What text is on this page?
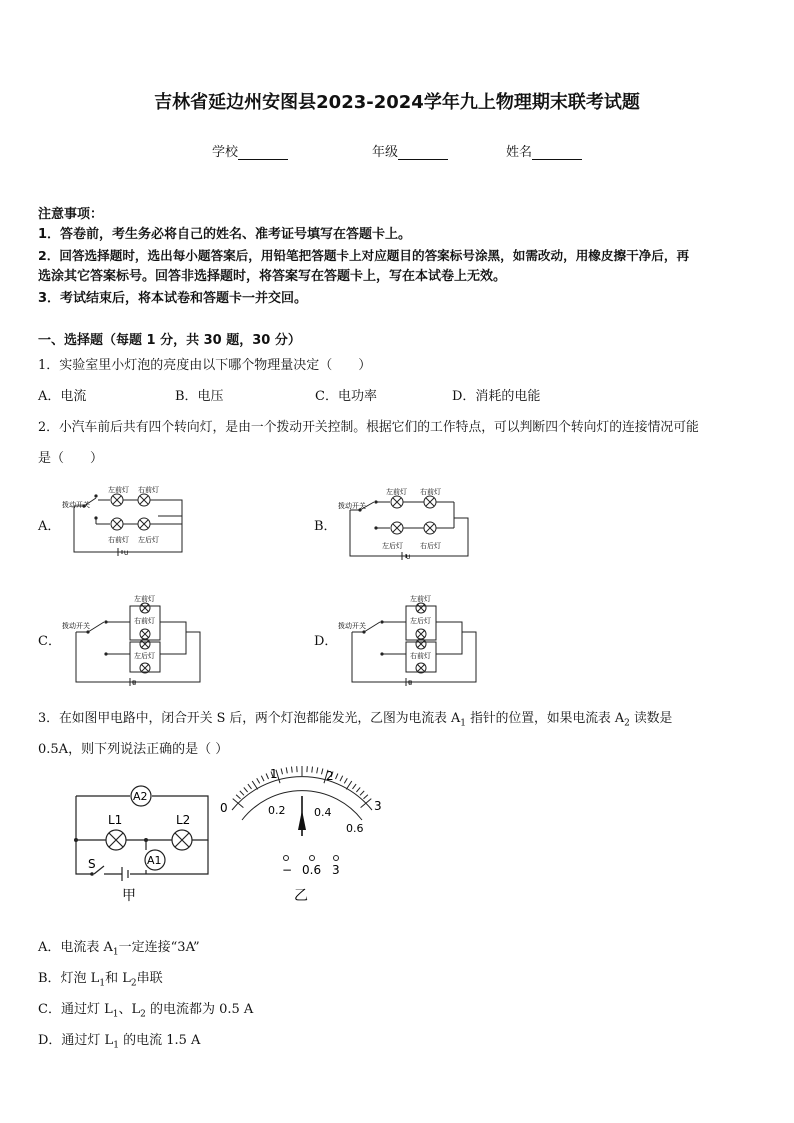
吉林省延边州安图县2023-2024学年九上物理期末联考试题
学校	年级	姓名
注意事项：
1．答卷前，考生务必将自己的姓名、准考证号填写在答题卡上。
2．回答选择题时，选出每小题答案后，用铅笔把答题卡上对应题目的答案标号涂黑，如需改动，用橡皮擦干净后，再
选涂其它答案标号。回答非选择题时，将答案写在答题卡上，写在本试卷上无效。
3．考试结束后，将本试卷和答题卡一并交回。
一、选择题（每题 1 分，共 30 题，30 分）
1．实验室里小灯泡的亮度由以下哪个物理量决定（　　）
A．电流	B．电压	C．电功率	D．消耗的电能
2．小汽车前后共有四个转向灯，是由一个拨动开关控制。根据它们的工作特点，可以判断四个转向灯的连接情况可能
是（　　）
A．	B．
C．	D．
拨动开关
左前灯 右前灯
右前灯 左后灯
U
拨动开关
左前灯 右前灯
左后灯 右后灯
U
拨动开关
左前灯
右前灯
左后灯
U
拨动开关
左前灯
左后灯
右前灯
U
3．在如图甲电路中，闭合开关 S 后，两个灯泡都能发光，乙图为电流表 $A_1$ 指针的位置，如果电流表 $A_2$ 读数是
0.5A，则下列说法正确的是（ ）
A2
L1	L2
A1
S
甲
0
1	2
3
0.2	0.4
0.6
− 0.6 3
乙
A．电流表 $A_1$一定连接“3A”
B．灯泡 $L_1$和 $L_2$串联
C．通过灯 $L_1$、$L_2$ 的电流都为 0.5 A
D．通过灯 $L_1$ 的电流 1.5 A
